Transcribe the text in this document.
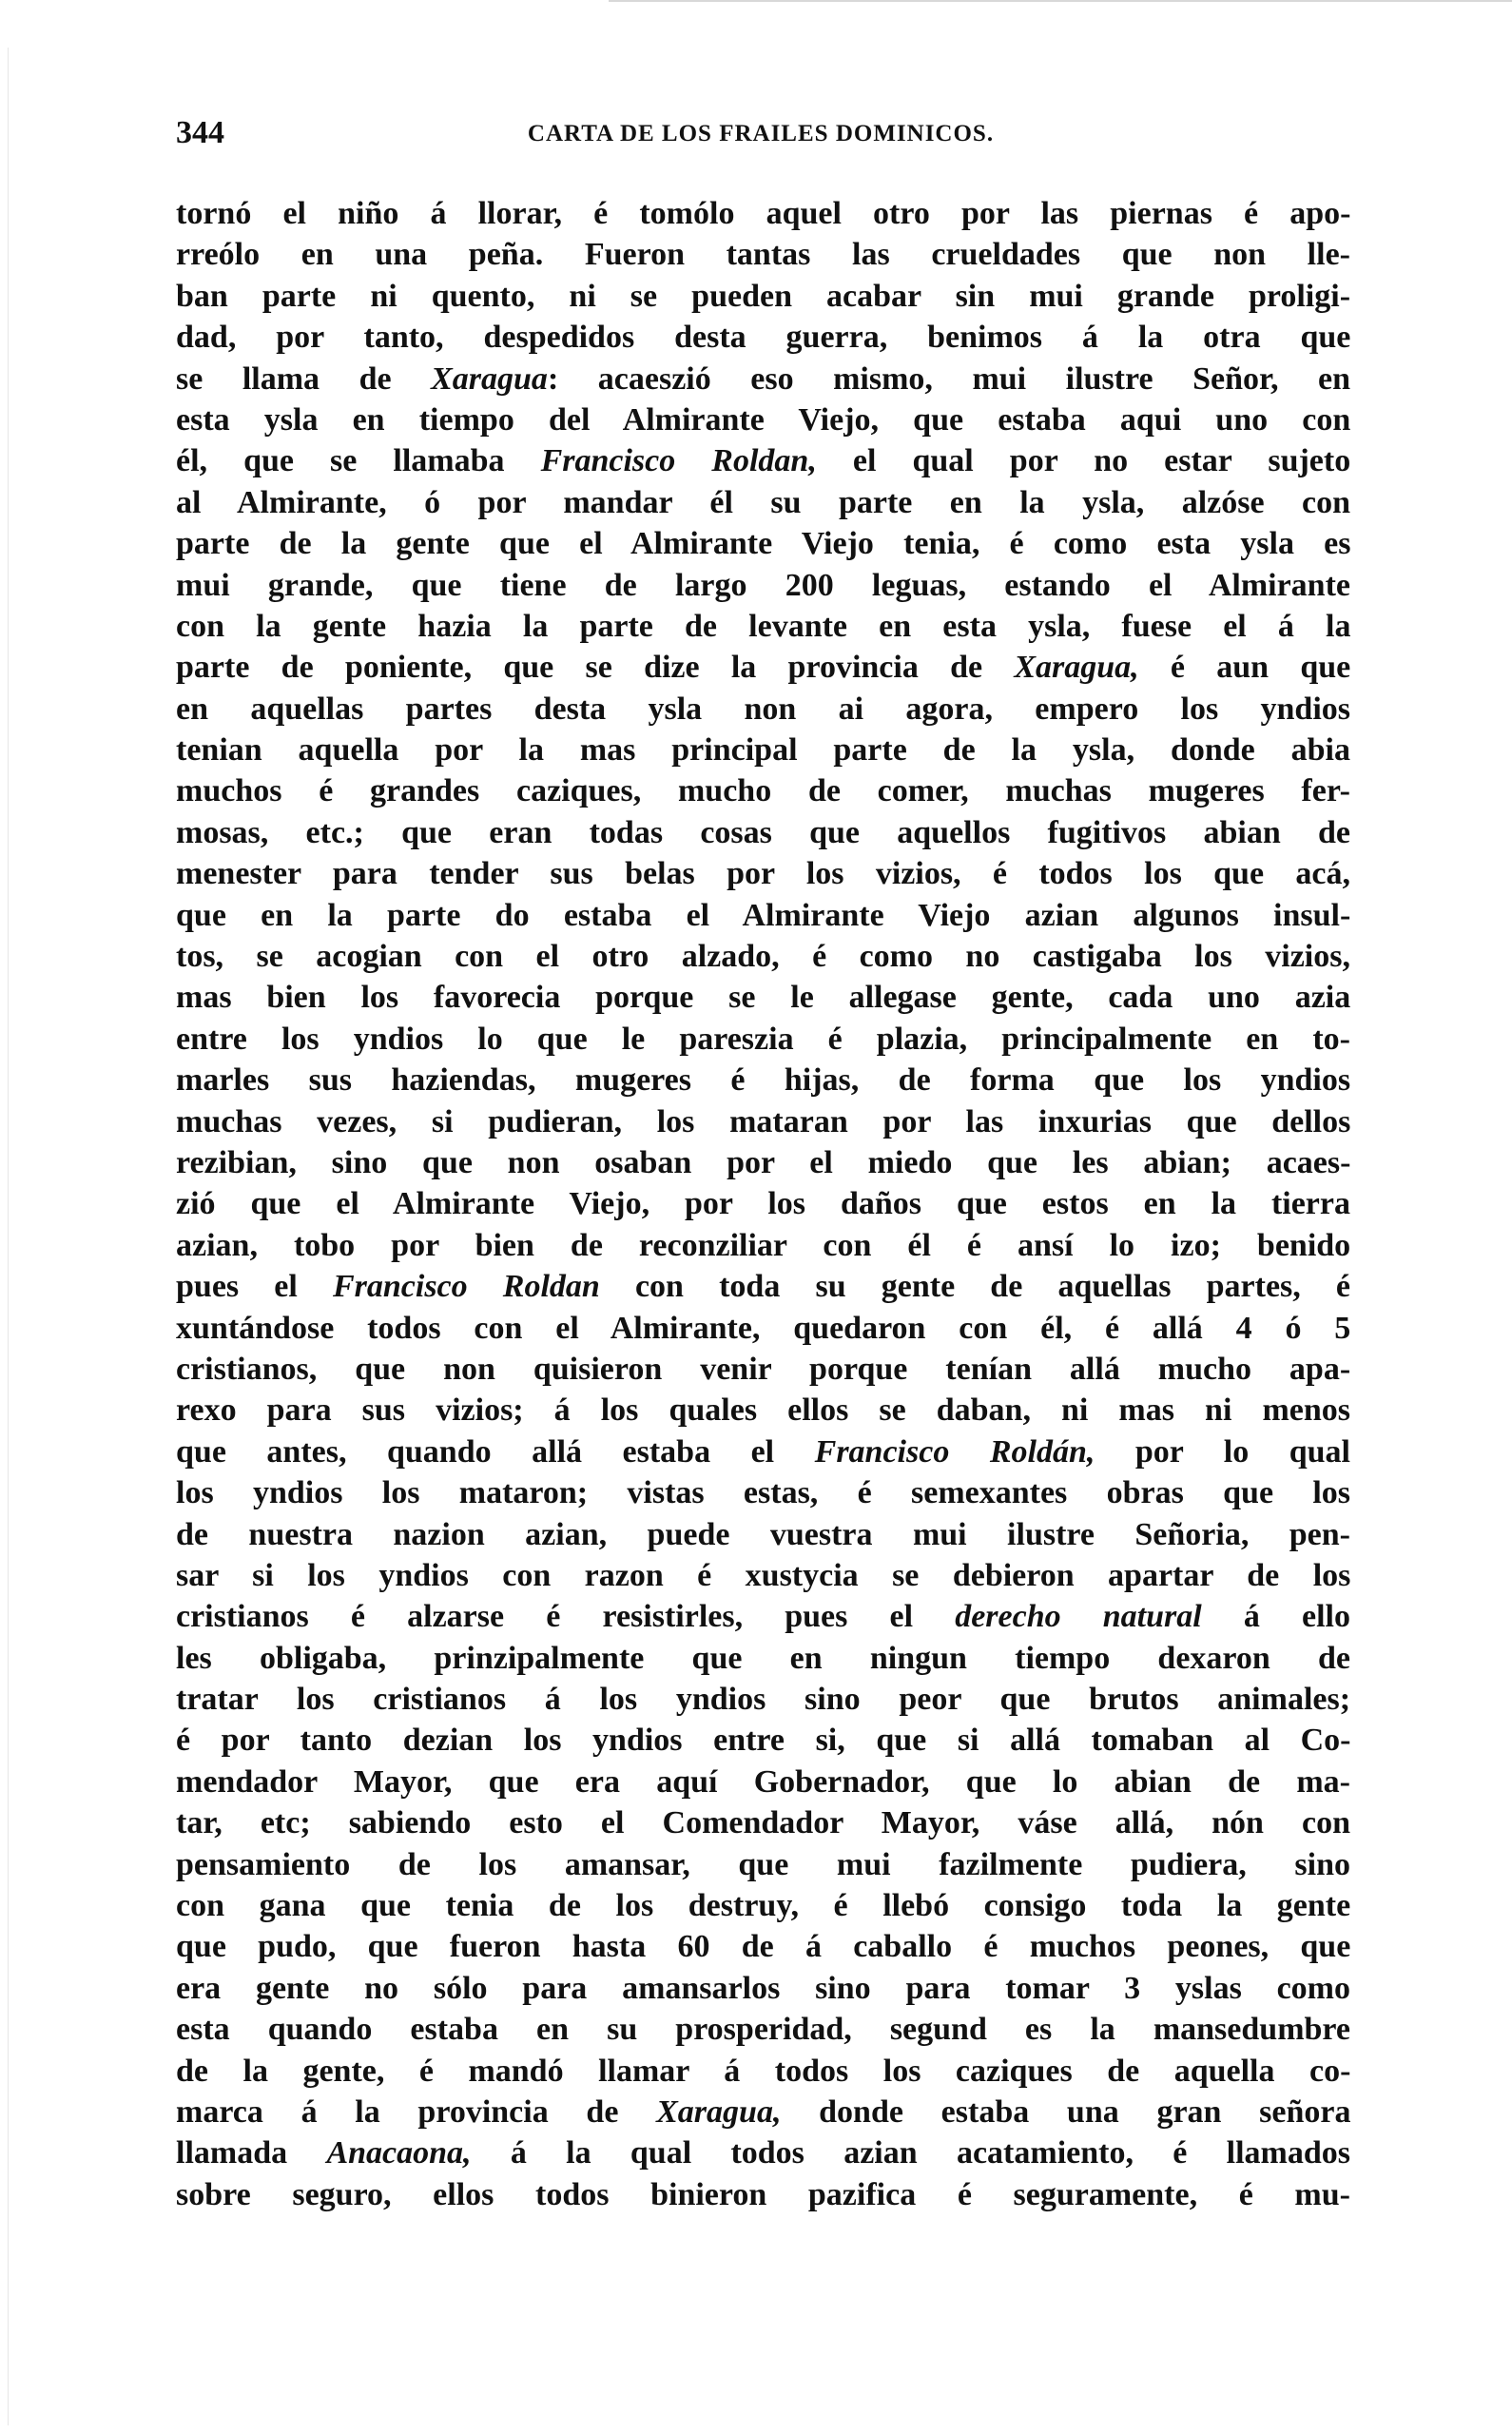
344	CARTA DE LOS FRAILES DOMINICOS.
tornó el niño á llorar, é tomólo aquel otro por las piernas é apo-
rreólo en una peña. Fueron tantas las crueldades que non lle-
ban parte ni quento, ni se pueden acabar sin mui grande proligi-
dad, por tanto, despedidos desta guerra, benimos á la otra que
se llama de Xaragua: acaeszió eso mismo, mui ilustre Señor, en
esta ysla en tiempo del Almirante Viejo, que estaba aqui uno con
él, que se llamaba Francisco Roldan, el qual por no estar sujeto
al Almirante, ó por mandar él su parte en la ysla, alzóse con
parte de la gente que el Almirante Viejo tenia, é como esta ysla es
mui grande, que tiene de largo 200 leguas, estando el Almirante
con la gente hazia la parte de levante en esta ysla, fuese el á la
parte de poniente, que se dize la provincia de Xaragua, é aun que
en aquellas partes desta ysla non ai agora, empero los yndios
tenian aquella por la mas principal parte de la ysla, donde abia
muchos é grandes caziques, mucho de comer, muchas mugeres fer-
mosas, etc.; que eran todas cosas que aquellos fugitivos abian de
menester para tender sus belas por los vizios, é todos los que acá,
que en la parte do estaba el Almirante Viejo azian algunos insul-
tos, se acogian con el otro alzado, é como no castigaba los vizios,
mas bien los favorecia porque se le allegase gente, cada uno azia
entre los yndios lo que le pareszia é plazia, principalmente en to-
marles sus haziendas, mugeres é hijas, de forma que los yndios
muchas vezes, si pudieran, los mataran por las inxurias que dellos
rezibian, sino que non osaban por el miedo que les abian; acaes-
zió que el Almirante Viejo, por los daños que estos en la tierra
azian, tobo por bien de reconziliar con él é ansí lo izo; benido
pues el Francisco Roldan con toda su gente de aquellas partes, é
xuntándose todos con el Almirante, quedaron con él, é allá 4 ó 5
cristianos, que non quisieron venir porque tenían allá mucho apa-
rexo para sus vizios; á los quales ellos se daban, ni mas ni menos
que antes, quando allá estaba el Francisco Roldán, por lo qual
los yndios los mataron; vistas estas, é semexantes obras que los
de nuestra nazion azian, puede vuestra mui ilustre Señoria, pen-
sar si los yndios con razon é xustycia se debieron apartar de los
cristianos é alzarse é resistirles, pues el derecho natural á ello
les obligaba, prinzipalmente que en ningun tiempo dexaron de
tratar los cristianos á los yndios sino peor que brutos animales;
é por tanto dezian los yndios entre si, que si allá tomaban al Co-
mendador Mayor, que era aquí Gobernador, que lo abian de ma-
tar, etc; sabiendo esto el Comendador Mayor, váse allá, nón con
pensamiento de los amansar, que mui fazilmente pudiera, sino
con gana que tenia de los destruy, é llebó consigo toda la gente
que pudo, que fueron hasta 60 de á caballo é muchos peones, que
era gente no sólo para amansarlos sino para tomar 3 yslas como
esta quando estaba en su prosperidad, segund es la mansedumbre
de la gente, é mandó llamar á todos los caziques de aquella co-
marca á la provincia de Xaragua, donde estaba una gran señora
llamada Anacaona, á la qual todos azian acatamiento, é llamados
sobre seguro, ellos todos binieron pazifica é seguramente, é mu-
